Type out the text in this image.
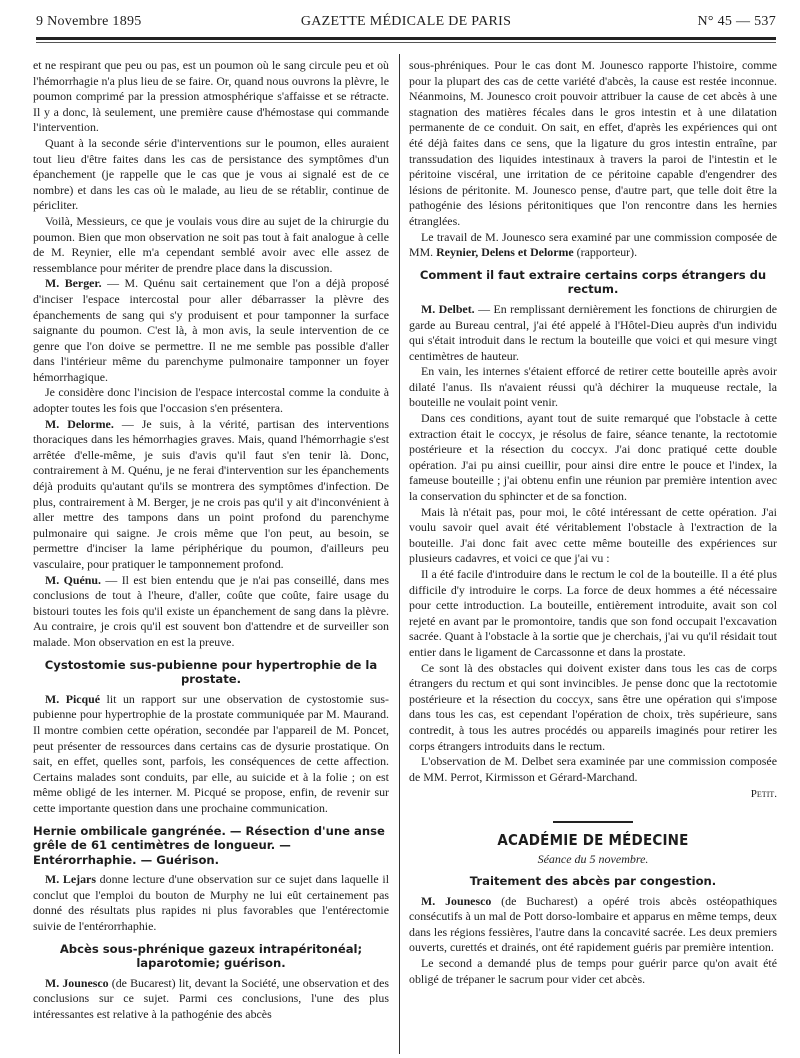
9 Novembre 1895	GAZETTE MÉDICALE DE PARIS	N° 45 — 537

et ne respirant que peu ou pas, est un poumon où le sang circule peu et où l'hémorrhagie n'a plus lieu de se faire. Or, quand nous ouvrons la plèvre, le poumon comprimé par la pression atmosphérique s'affaisse et se rétracte. Il y a donc, là seulement, une première cause d'hémostase qui commande l'intervention.

Quant à la seconde série d'interventions sur le poumon, elles auraient tout lieu d'être faites dans les cas de persistance des symptômes d'un épanchement (je rappelle que le cas que je vous ai signalé est de ce nombre) et dans les cas où le malade, au lieu de se rétablir, continue de péricliter.

Voilà, Messieurs, ce que je voulais vous dire au sujet de la chirurgie du poumon. Bien que mon observation ne soit pas tout à fait analogue à celle de M. Reynier, elle m'a cependant semblé avoir avec elle assez de ressemblance pour mériter de prendre place dans la discussion.

M. Berger. — M. Quénu sait certainement que l'on a déjà proposé d'inciser l'espace intercostal pour aller débarrasser la plèvre des épanchements de sang qui s'y produisent et pour tamponner la surface saignante du poumon. C'est là, à mon avis, la seule intervention de ce genre que l'on doive se permettre. Il ne me semble pas possible d'aller dans l'intérieur même du parenchyme pulmonaire tamponner un foyer hémorrhagique.

Je considère donc l'incision de l'espace intercostal comme la conduite à adopter toutes les fois que l'occasion s'en présentera.

M. Delorme. — Je suis, à la vérité, partisan des interventions thoraciques dans les hémorrhagies graves. Mais, quand l'hémorrhagie s'est arrêtée d'elle-même, je suis d'avis qu'il faut s'en tenir là. Donc, contrairement à M. Quénu, je ne ferai d'intervention sur les épanchements déjà produits qu'autant qu'ils se montrera des symptômes d'infection. De plus, contrairement à M. Berger, je ne crois pas qu'il y ait d'inconvénient à aller mettre des tampons dans un point profond du parenchyme pulmonaire qui saigne. Je crois même que l'on peut, au besoin, se permettre d'inciser la lame périphérique du poumon, d'ailleurs peu vasculaire, pour pratiquer le tamponnement profond.

M. Quénu. — Il est bien entendu que je n'ai pas conseillé, dans mes conclusions de tout à l'heure, d'aller, coûte que coûte, faire usage du bistouri toutes les fois qu'il existe un épanchement de sang dans la plèvre. Au contraire, je crois qu'il est souvent bon d'attendre et de surveiller son malade. Mon observation en est la preuve.

Cystostomie sus-pubienne pour hypertrophie de la prostate.

M. Picqué lit un rapport sur une observation de cystostomie sus-pubienne pour hypertrophie de la prostate communiquée par M. Maurand. Il montre combien cette opération, secondée par l'appareil de M. Poncet, peut présenter de ressources dans certains cas de dysurie prostatique. On sait, en effet, quelles sont, parfois, les conséquences de cette affection. Certains malades sont conduits, par elle, au suicide et à la folie ; on est même obligé de les interner. M. Picqué se propose, enfin, de revenir sur cette importante question dans une prochaine communication.

Hernie ombilicale gangrénée. — Résection d'une anse grêle de 61 centimètres de longueur. — Entérorrhaphie. — Guérison.

M. Lejars donne lecture d'une observation sur ce sujet dans laquelle il conclut que l'emploi du bouton de Murphy ne lui eût certainement pas donné des résultats plus rapides ni plus favorables que l'entérectomie suivie de l'entérorrhaphie.

Abcès sous-phrénique gazeux intrapéritonéal; laparotomie; guérison.

M. Jounesco (de Bucarest) lit, devant la Société, une observation et des conclusions sur ce sujet. Parmi ces conclusions, l'une des plus intéressantes est relative à la pathogénie des abcès

sous-phréniques. Pour le cas dont M. Jounesco rapporte l'histoire, comme pour la plupart des cas de cette variété d'abcès, la cause est restée inconnue. Néanmoins, M. Jounesco croit pouvoir attribuer la cause de cet abcès à une stagnation des matières fécales dans le gros intestin et à une dilatation permanente de ce conduit. On sait, en effet, d'après les expériences qui ont été déjà faites dans ce sens, que la ligature du gros intestin entraîne, par transsudation des liquides intestinaux à travers la paroi de l'intestin et le péritoine viscéral, une irritation de ce péritoine capable d'engendrer des lésions de péritonite. M. Jounesco pense, d'autre part, que telle doit être la pathogénie des lésions péritonitiques que l'on rencontre dans les hernies étranglées.

Le travail de M. Jounesco sera examiné par une commission composée de MM. Reynier, Delens et Delorme (rapporteur).

Comment il faut extraire certains corps étrangers du rectum.

M. Delbet. — En remplissant dernièrement les fonctions de chirurgien de garde au Bureau central, j'ai été appelé à l'Hôtel-Dieu auprès d'un individu qui s'était introduit dans le rectum la bouteille que voici et qui mesure vingt centimètres de hauteur.

En vain, les internes s'étaient efforcé de retirer cette bouteille après avoir dilaté l'anus. Ils n'avaient réussi qu'à déchirer la muqueuse rectale, la bouteille ne voulait point venir.

Dans ces conditions, ayant tout de suite remarqué que l'obstacle à cette extraction était le coccyx, je résolus de faire, séance tenante, la rectotomie postérieure et la résection du coccyx. J'ai donc pratiqué cette double opération. J'ai pu ainsi cueillir, pour ainsi dire entre le pouce et l'index, la fameuse bouteille ; j'ai obtenu enfin une réunion par première intention avec la conservation du sphincter et de sa fonction.

Mais là n'était pas, pour moi, le côté intéressant de cette opération. J'ai voulu savoir quel avait été véritablement l'obstacle à l'extraction de la bouteille. J'ai donc fait avec cette même bouteille des expériences sur plusieurs cadavres, et voici ce que j'ai vu :

Il a été facile d'introduire dans le rectum le col de la bouteille. Il a été plus difficile d'y introduire le corps. La force de deux hommes a été nécessaire pour cette introduction. La bouteille, entièrement introduite, avait son col rejeté en avant par le promontoire, tandis que son fond occupait l'excavation sacrée. Quant à l'obstacle à la sortie que je cherchais, j'ai vu qu'il résidait tout entier dans le ligament de Carcassonne et dans la prostate.

Ce sont là des obstacles qui doivent exister dans tous les cas de corps étrangers du rectum et qui sont invincibles. Je pense donc que la rectotomie postérieure et la résection du coccyx, sans être une opération qui s'impose dans tous les cas, est cependant l'opération de choix, très supérieure, sans contredit, à tous les autres procédés ou appareils imaginés pour retirer les corps étrangers introduits dans le rectum.

L'observation de M. Delbet sera examinée par une commission composée de MM. Perrot, Kirmisson et Gérard-Marchand.

Petit.
ACADÉMIE DE MÉDECINE
Séance du 5 novembre.
Traitement des abcès par congestion.

M. Jounesco (de Bucharest) a opéré trois abcès ostéopathiques consécutifs à un mal de Pott dorso-lombaire et apparus en même temps, deux dans les régions fessières, l'autre dans la concavité sacrée. Les deux premiers ouverts, curettés et drainés, ont été rapidement guéris par première intention.

Le second a demandé plus de temps pour guérir parce qu'on avait été obligé de trépaner le sacrum pour vider cet abcès.
